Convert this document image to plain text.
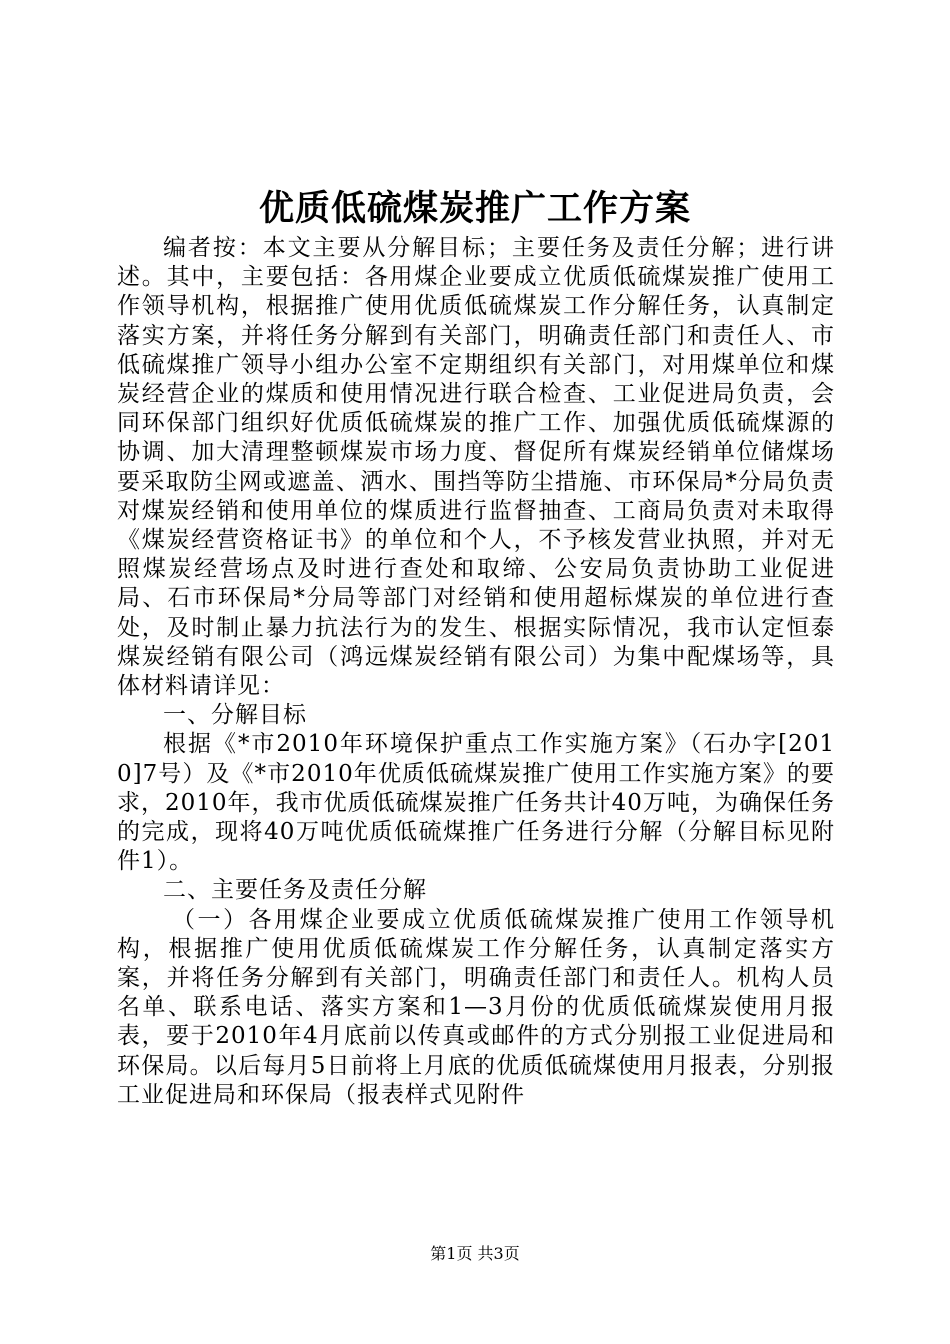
优质低硫煤炭推广工作方案

编者按：本文主要从分解目标；主要任务及责任分解；进行讲述。其中，主要包括：各用煤企业要成立优质低硫煤炭推广使用工作领导机构，根据推广使用优质低硫煤炭工作分解任务，认真制定落实方案，并将任务分解到有关部门，明确责任部门和责任人、市低硫煤推广领导小组办公室不定期组织有关部门，对用煤单位和煤炭经营企业的煤质和使用情况进行联合检查、工业促进局负责，会同环保部门组织好优质低硫煤炭的推广工作、加强优质低硫煤源的协调、加大清理整顿煤炭市场力度、督促所有煤炭经销单位储煤场要采取防尘网或遮盖、洒水、围挡等防尘措施、市环保局*分局负责对煤炭经销和使用单位的煤质进行监督抽查、工商局负责对未取得《煤炭经营资格证书》的单位和个人，不予核发营业执照，并对无照煤炭经营场点及时进行查处和取缔、公安局负责协助工业促进局、石市环保局*分局等部门对经销和使用超标煤炭的单位进行查处，及时制止暴力抗法行为的发生、根据实际情况，我市认定恒泰煤炭经销有限公司（鸿远煤炭经销有限公司）为集中配煤场等，具体材料请详见：

一、分解目标

根据《*市2010年环境保护重点工作实施方案》（石办字[2010]7号）及《*市2010年优质低硫煤炭推广使用工作实施方案》的要求，2010年，我市优质低硫煤炭推广任务共计40万吨，为确保任务的完成，现将40万吨优质低硫煤推广任务进行分解（分解目标见附件1）。

二、主要任务及责任分解

（一）各用煤企业要成立优质低硫煤炭推广使用工作领导机构，根据推广使用优质低硫煤炭工作分解任务，认真制定落实方案，并将任务分解到有关部门，明确责任部门和责任人。机构人员名单、联系电话、落实方案和1—3月份的优质低硫煤炭使用月报表，要于2010年4月底前以传真或邮件的方式分别报工业促进局和环保局。以后每月5日前将上月底的优质低硫煤使用月报表，分别报工业促进局和环保局（报表样式见附件

第1页 共3页
